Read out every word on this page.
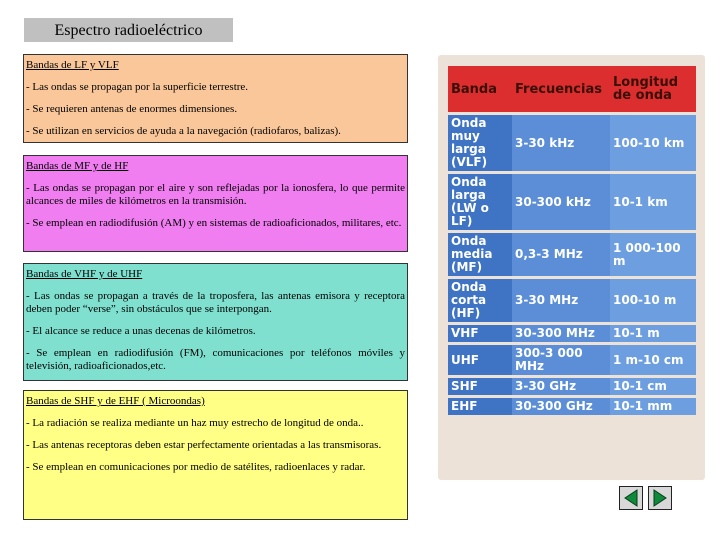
Espectro radioeléctrico
Bandas de LF y VLF

- Las ondas se propagan por la superficie terrestre.

- Se requieren antenas de enormes dimensiones.

- Se utilizan en servicios de ayuda a la navegación (radiofaros, balizas).

Bandas de MF y de HF

- Las ondas se propagan por el aire y son reflejadas por la ionosfera, lo que permite alcances de miles de kilómetros en la transmisión.

- Se emplean en radiodifusión (AM) y en sistemas de radioaficionados, militares, etc.

Bandas de VHF y de UHF

- Las ondas se propagan a través de la troposfera, las antenas emisora y receptora deben poder “verse”, sin obstáculos que se interpongan.

- El alcance se reduce a unas decenas de kilómetros.

- Se emplean en radiodifusión (FM), comunicaciones por teléfonos móviles y televisión, radioaficionados,etc.

Bandas de SHF y de EHF ( Microondas)

- La radiación se realiza mediante un haz muy estrecho de longitud de onda..

- Las antenas receptoras deben estar perfectamente orientadas a las transmisoras.

- Se emplean en comunicaciones por medio de satélites, radioenlaces y radar.

Banda	Frecuencias	Longitud de onda
Onda muy larga (VLF)	3-30 kHz	100-10 km
Onda larga (LW o LF)	30-300 kHz	10-1 km
Onda media (MF)	0,3-3 MHz	1 000-100 m
Onda corta (HF)	3-30 MHz	100-10 m
VHF	30-300 MHz	10-1 m
UHF	300-3 000 MHz	1 m-10 cm
SHF	3-30 GHz	10-1 cm
EHF	30-300 GHz	10-1 mm
